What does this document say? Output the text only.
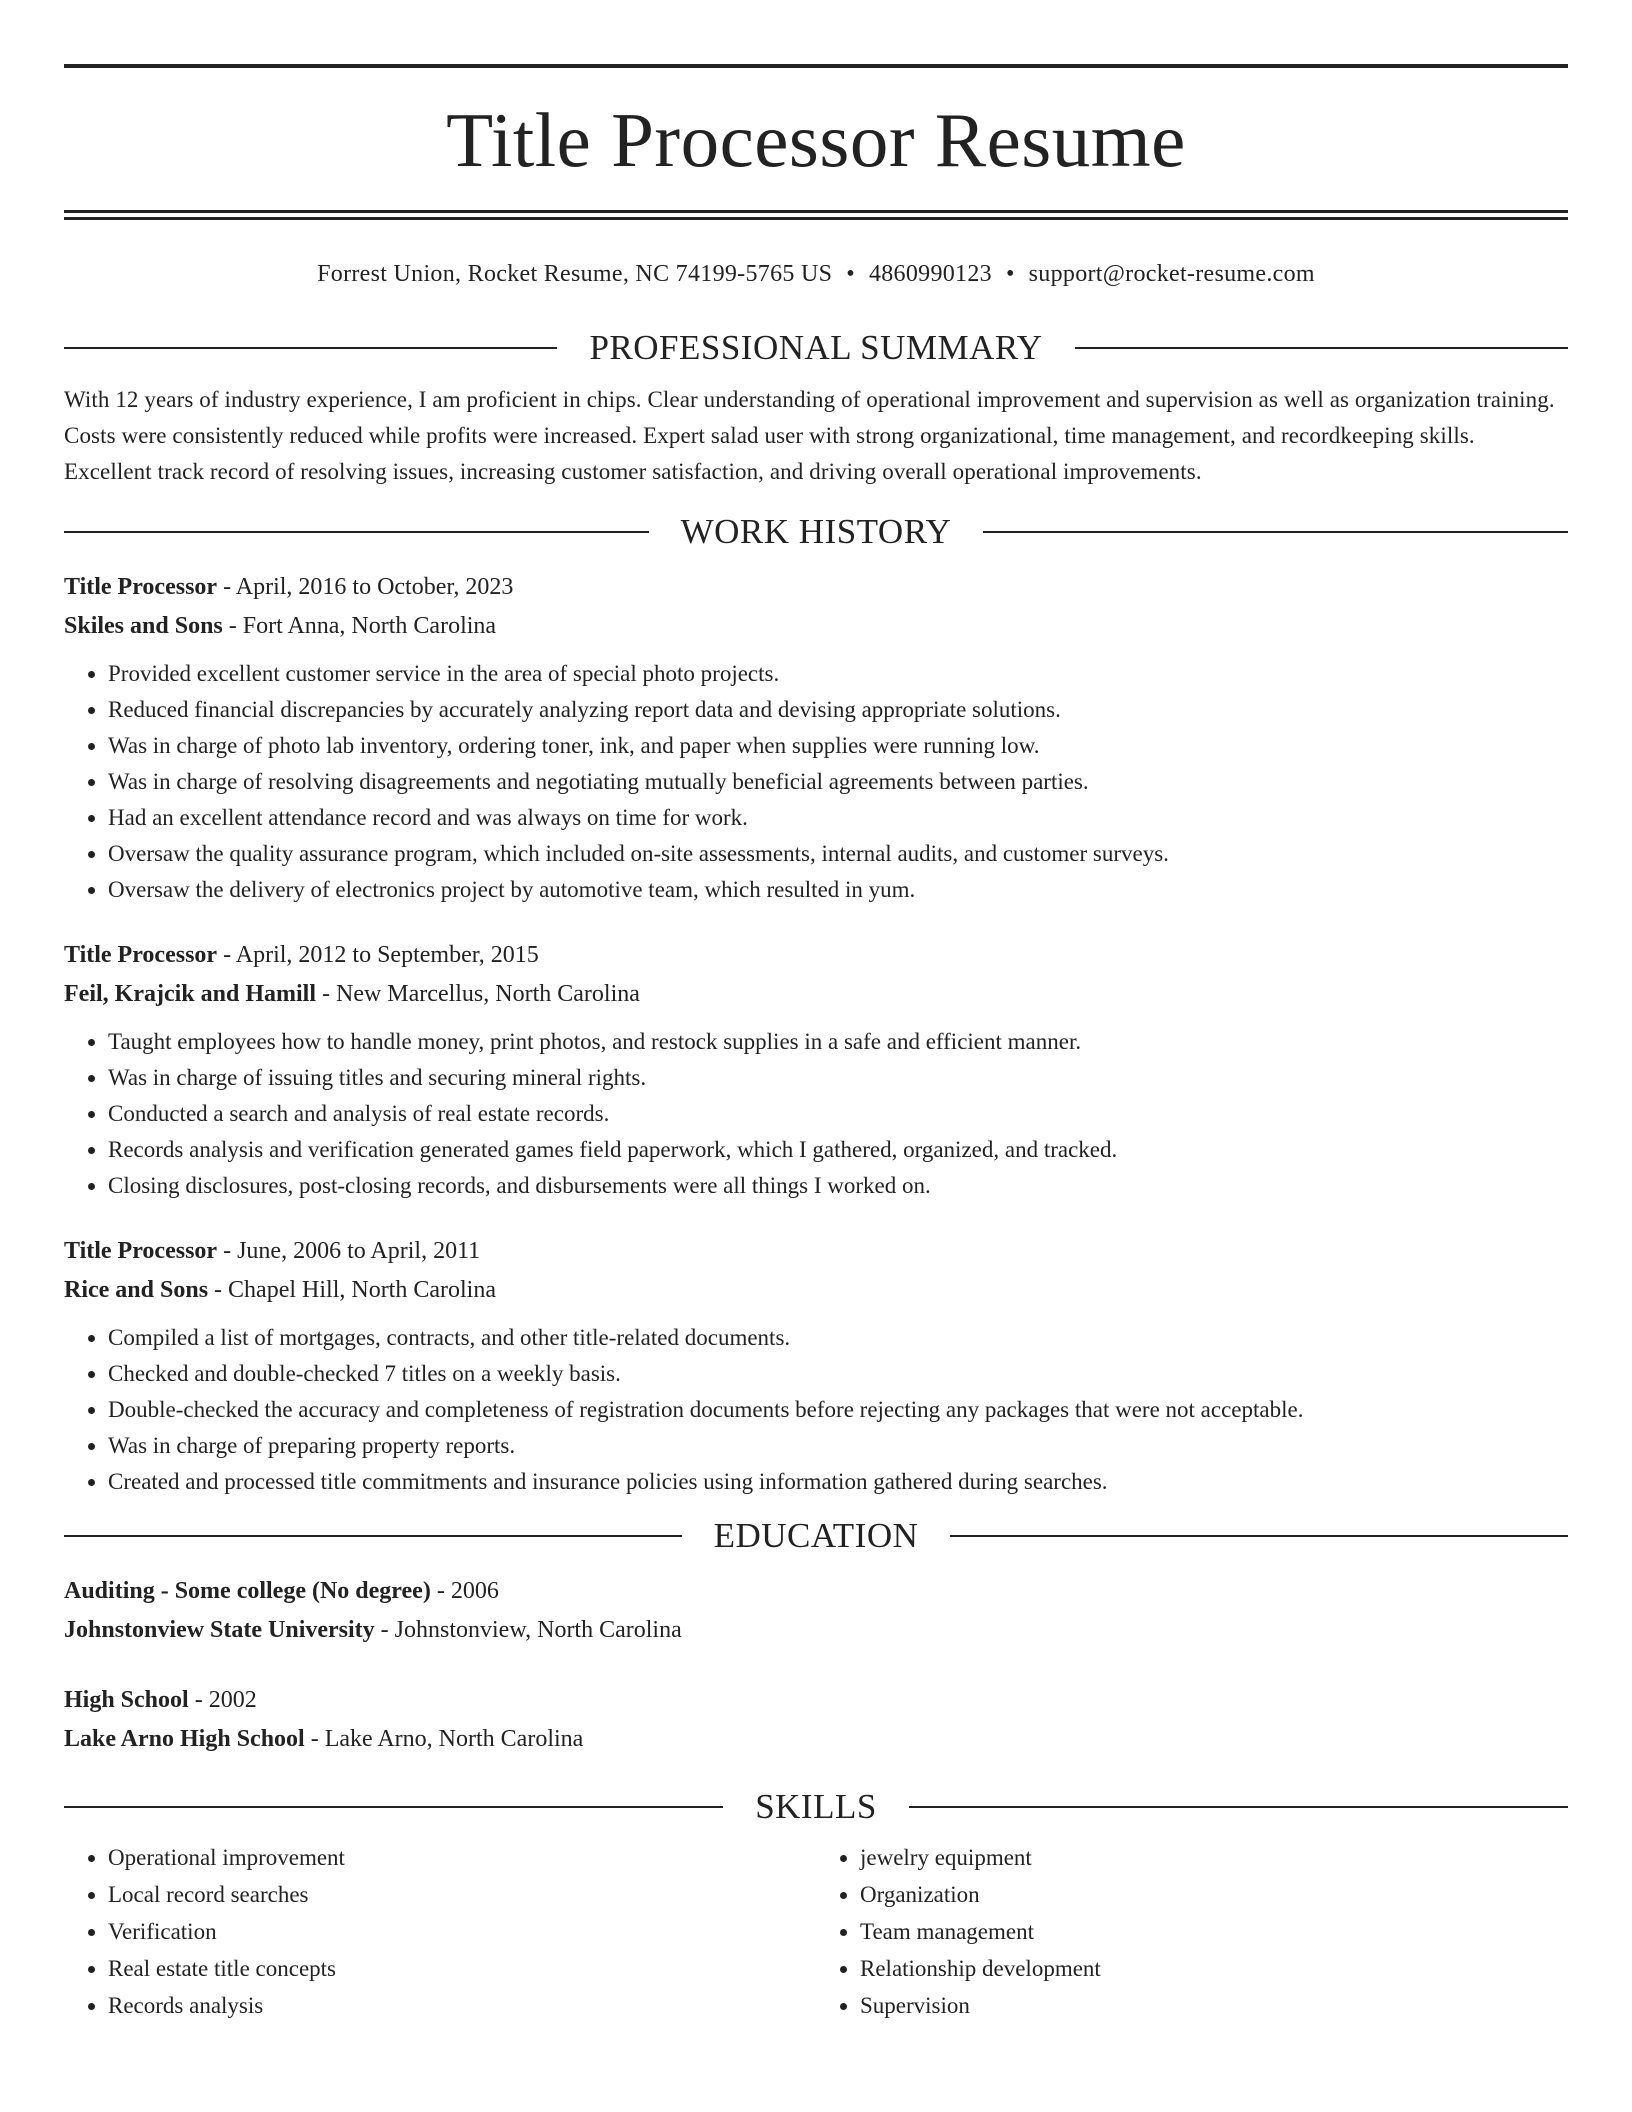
Title Processor Resume
Forrest Union, Rocket Resume, NC 74199-5765 US • 4860990123 • support@rocket-resume.com
PROFESSIONAL SUMMARY

With 12 years of industry experience, I am proficient in chips. Clear understanding of operational improvement and supervision as well as organization training. Costs were consistently reduced while profits were increased. Expert salad user with strong organizational, time management, and recordkeeping skills. Excellent track record of resolving issues, increasing customer satisfaction, and driving overall operational improvements.

WORK HISTORY
Title Processor - April, 2016 to October, 2023
Skiles and Sons - Fort Anna, North Carolina
• Provided excellent customer service in the area of special photo projects.
• Reduced financial discrepancies by accurately analyzing report data and devising appropriate solutions.
• Was in charge of photo lab inventory, ordering toner, ink, and paper when supplies were running low.
• Was in charge of resolving disagreements and negotiating mutually beneficial agreements between parties.
• Had an excellent attendance record and was always on time for work.
• Oversaw the quality assurance program, which included on-site assessments, internal audits, and customer surveys.
• Oversaw the delivery of electronics project by automotive team, which resulted in yum.
Title Processor - April, 2012 to September, 2015
Feil, Krajcik and Hamill - New Marcellus, North Carolina
• Taught employees how to handle money, print photos, and restock supplies in a safe and efficient manner.
• Was in charge of issuing titles and securing mineral rights.
• Conducted a search and analysis of real estate records.
• Records analysis and verification generated games field paperwork, which I gathered, organized, and tracked.
• Closing disclosures, post-closing records, and disbursements were all things I worked on.
Title Processor - June, 2006 to April, 2011
Rice and Sons - Chapel Hill, North Carolina
• Compiled a list of mortgages, contracts, and other title-related documents.
• Checked and double-checked 7 titles on a weekly basis.
• Double-checked the accuracy and completeness of registration documents before rejecting any packages that were not acceptable.
• Was in charge of preparing property reports.
• Created and processed title commitments and insurance policies using information gathered during searches.
EDUCATION
Auditing - Some college (No degree) - 2006
Johnstonview State University - Johnstonview, North Carolina
High School - 2002
Lake Arno High School - Lake Arno, North Carolina
SKILLS
• Operational improvement
• Local record searches
• Verification
• Real estate title concepts
• Records analysis
• jewelry equipment
• Organization
• Team management
• Relationship development
• Supervision
